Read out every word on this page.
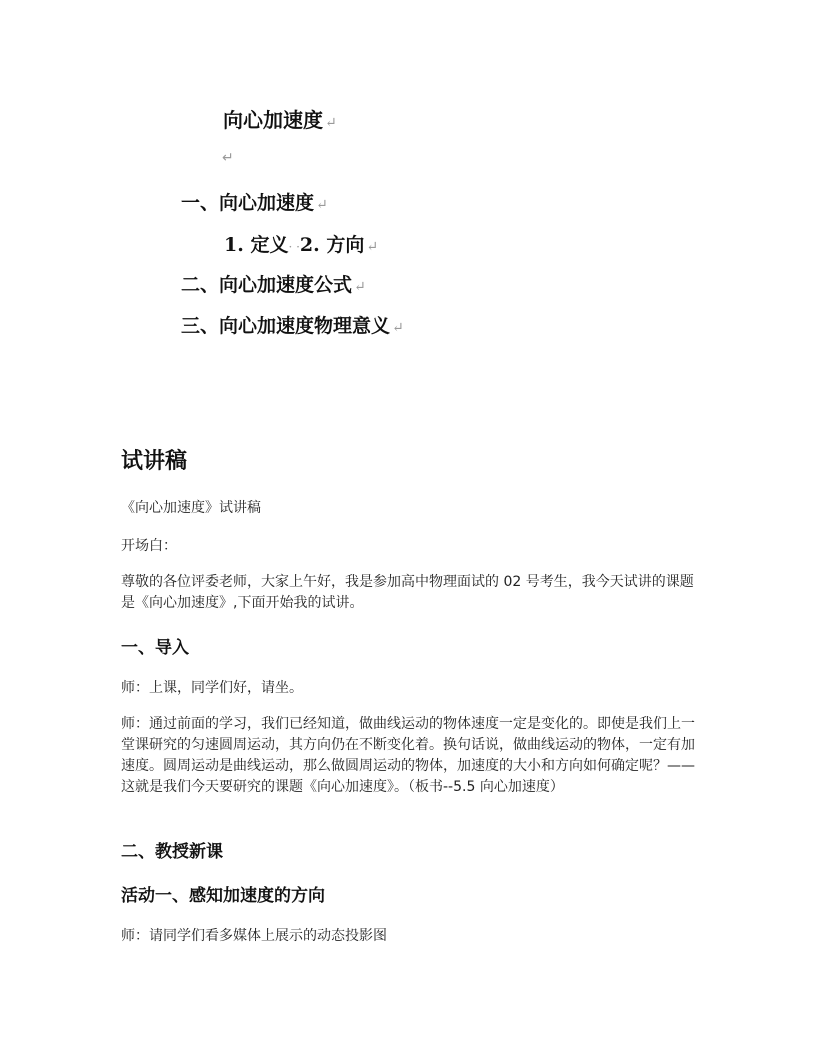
向心加速度 ↵
↵
一、向心加速度 ↵
1. 定义· ·2. 方向 ↵
二、向心加速度公式 ↵
三、向心加速度物理意义 ↵
试讲稿
《向心加速度》试讲稿
开场白：
尊敬的各位评委老师，大家上午好，我是参加高中物理面试的 02 号考生，我今天试讲的课题是《向心加速度》,下面开始我的试讲。
一、导入
师：上课，同学们好，请坐。
师：通过前面的学习，我们已经知道，做曲线运动的物体速度一定是变化的。即使是我们上一堂课研究的匀速圆周运动，其方向仍在不断变化着。换句话说，做曲线运动的物体，一定有加速度。圆周运动是曲线运动，那么做圆周运动的物体，加速度的大小和方向如何确定呢？——这就是我们今天要研究的课题《向心加速度》。（板书--5.5 向心加速度）
二、教授新课
活动一、感知加速度的方向
师：请同学们看多媒体上展示的动态投影图
